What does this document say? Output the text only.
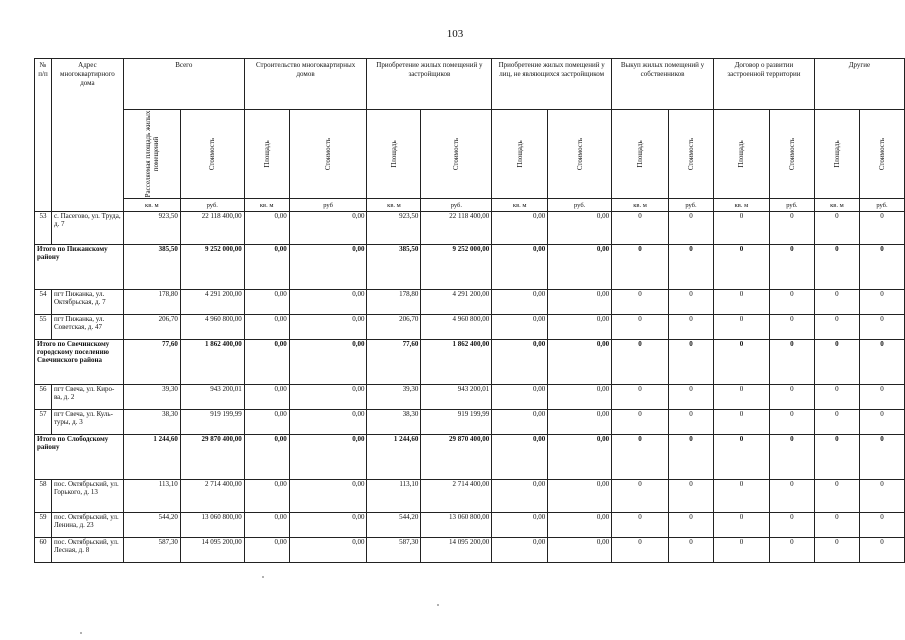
103
№ п/п	Адрес многоквартирного дома	Всего		Строительство многоквартирных домов		Приобретение жилых помещений у застройщиков		Приобретение жилых помещений у лиц, не являющихся застройщиком		Выкуп жилых помещений у собственников		Договор о развитии застроенной территории		Другие	

		Расселяемая площадь жилых помещений	Стоимость	Площадь	Стоимость	Площадь	Стоимость	Площадь	Стоимость	Площадь	Стоимость	Площадь	Стоимость	Площадь	Стоимость

		кв. м	руб.	кв. м	руб	кв. м	руб.	кв. м	руб.	кв. м	руб.	кв. м	руб.	кв. м	руб.
53	с. Пасегово, ул. Труда, д. 7	923,50	22 118 400,00	0,00	0,00	923,50	22 118 400,00	0,00	0,00	0	0	0	0	0	0
Итого по Пижанскому району		385,50	9 252 000,00	0,00	0,00	385,50	9 252 000,00	0,00	0,00	0	0	0	0	0	0
54	пгт Пижанка, ул. Октябрьская, д. 7	178,80	4 291 200,00	0,00	0,00	178,80	4 291 200,00	0,00	0,00	0	0	0	0	0	0
55	пгт Пижанка, ул. Советская, д. 47	206,70	4 960 800,00	0,00	0,00	206,70	4 960 800,00	0,00	0,00	0	0	0	0	0	0
Итого по Свечинскому городскому поселению Свечинского района		77,60	1 862 400,00	0,00	0,00	77,60	1 862 400,00	0,00	0,00	0	0	0	0	0	0
56	пгт Свеча, ул. Киро-ва, д. 2	39,30	943 200,01	0,00	0,00	39,30	943 200,01	0,00	0,00	0	0	0	0	0	0
57	пгт Свеча, ул. Куль-туры, д. 3	38,30	919 199,99	0,00	0,00	38,30	919 199,99	0,00	0,00	0	0	0	0	0	0
Итого по Слободскому району		1 244,60	29 870 400,00	0,00	0,00	1 244,60	29 870 400,00	0,00	0,00	0	0	0	0	0	0
58	пос. Октябрьский, ул. Горького, д. 13	113,10	2 714 400,00	0,00	0,00	113,10	2 714 400,00	0,00	0,00	0	0	0	0	0	0
59	пос. Октябрьский, ул. Ленина, д. 23	544,20	13 060 800,00	0,00	0,00	544,20	13 060 800,00	0,00	0,00	0	0	0	0	0	0
60	пос. Октябрьский, ул. Лесная, д. 8	587,30	14 095 200,00	0,00	0,00	587,30	14 095 200,00	0,00	0,00	0	0	0	0	0	0
